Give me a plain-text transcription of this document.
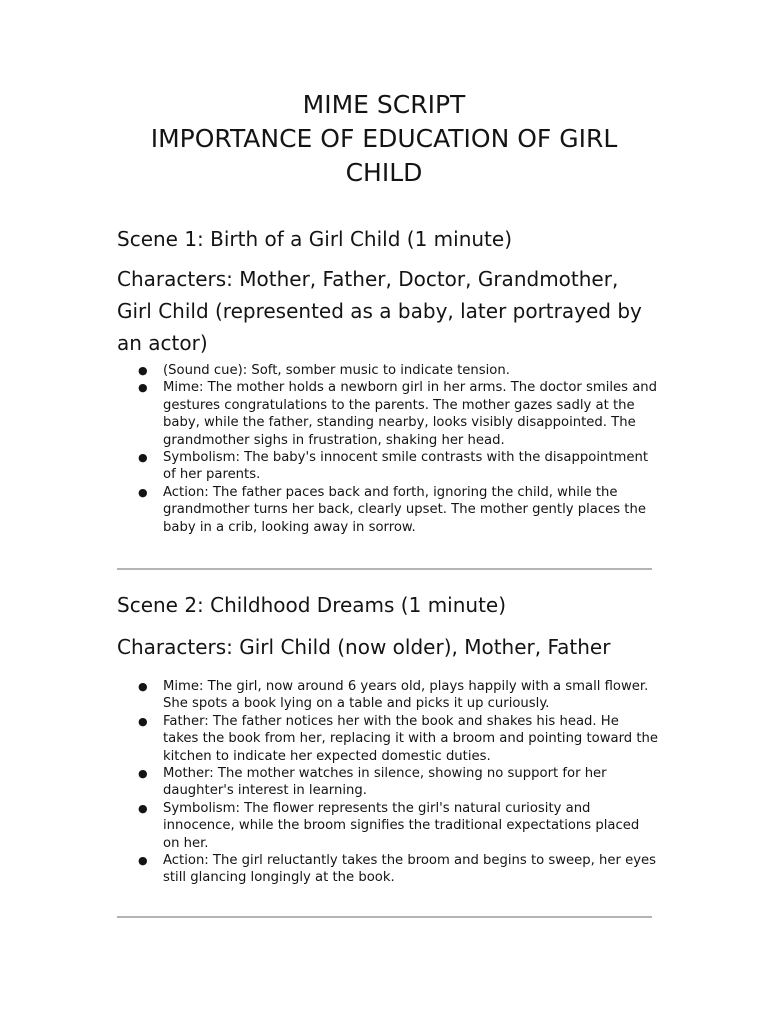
MIME SCRIPT
IMPORTANCE OF EDUCATION OF GIRL
CHILD
Scene 1: Birth of a Girl Child (1 minute)
Characters: Mother, Father, Doctor, Grandmother, Girl Child (represented as a baby, later portrayed by an actor)
● (Sound cue): Soft, somber music to indicate tension.
● Mime: The mother holds a newborn girl in her arms. The doctor smiles and gestures congratulations to the parents. The mother gazes sadly at the baby, while the father, standing nearby, looks visibly disappointed. The grandmother sighs in frustration, shaking her head.
● Symbolism: The baby's innocent smile contrasts with the disappointment of her parents.
● Action: The father paces back and forth, ignoring the child, while the grandmother turns her back, clearly upset. The mother gently places the baby in a crib, looking away in sorrow.
Scene 2: Childhood Dreams (1 minute)
Characters: Girl Child (now older), Mother, Father
● Mime: The girl, now around 6 years old, plays happily with a small flower. She spots a book lying on a table and picks it up curiously.
● Father: The father notices her with the book and shakes his head. He takes the book from her, replacing it with a broom and pointing toward the kitchen to indicate her expected domestic duties.
● Mother: The mother watches in silence, showing no support for her daughter's interest in learning.
● Symbolism: The flower represents the girl's natural curiosity and innocence, while the broom signifies the traditional expectations placed on her.
● Action: The girl reluctantly takes the broom and begins to sweep, her eyes still glancing longingly at the book.
